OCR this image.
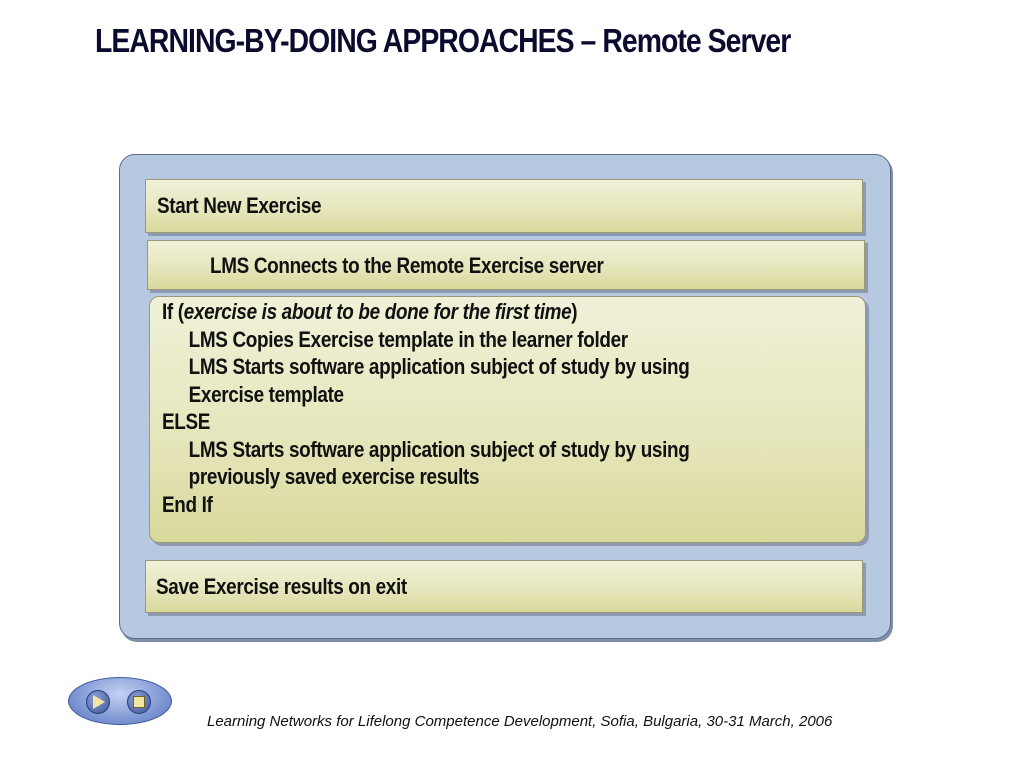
LEARNING-BY-DOING APPROACHES – Remote Server
Start New Exercise
LMS Connects to the Remote Exercise server
If (exercise is about to be done for the first time)
LMS Copies Exercise template in the learner folder
LMS Starts software application subject of study by using
Exercise template
ELSE
LMS Starts software application subject of study by using
previously saved exercise results
End If
Save Exercise results on exit
Learning Networks for Lifelong Competence Development, Sofia, Bulgaria, 30-31 March, 2006
